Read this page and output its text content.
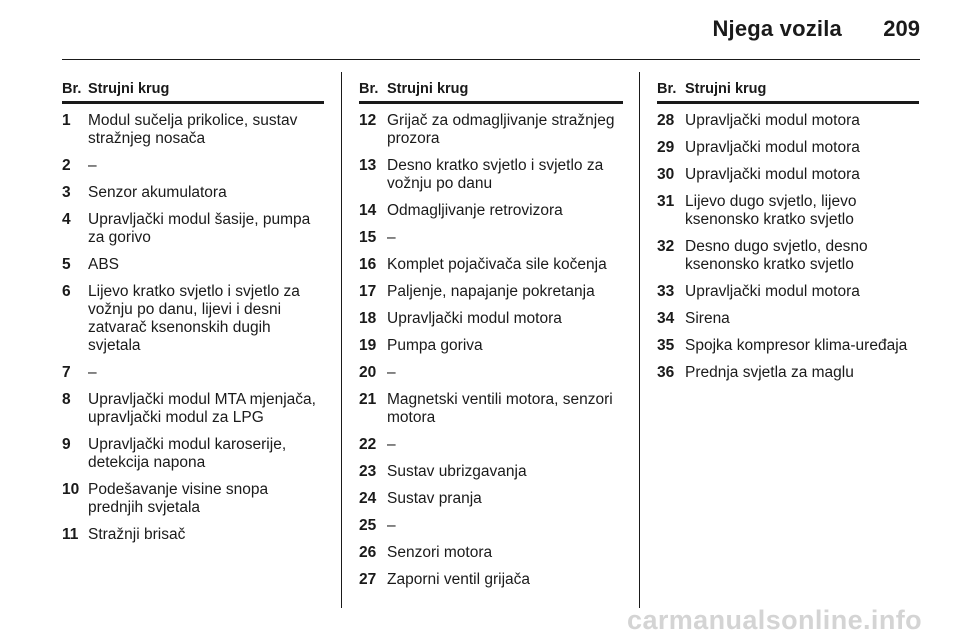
Njega vozila 209
Br. Strujni krug
1	Modul sučelja prikolice, sustav stražnjeg nosača
2	–
3	Senzor akumulatora
4	Upravljački modul šasije, pumpa za gorivo
5	ABS
6	Lijevo kratko svjetlo i svjetlo za vožnju po danu, lijevi i desni zatvarač ksenonskih dugih svjetala
7	–
8	Upravljački modul MTA mjenjača, upravljački modul za LPG
9	Upravljački modul karoserije, detekcija napona
10 Podešavanje visine snopa prednjih svjetala
11 Stražnji brisač
Br. Strujni krug
12 Grijač za odmagljivanje stražnjeg prozora
13 Desno kratko svjetlo i svjetlo za vožnju po danu
14 Odmagljivanje retrovizora
15 –
16 Komplet pojačivača sile kočenja
17 Paljenje, napajanje pokretanja
18 Upravljački modul motora
19 Pumpa goriva
20 –
21 Magnetski ventili motora, senzori motora
22 –
23 Sustav ubrizgavanja
24 Sustav pranja
25 –
26 Senzori motora
27 Zaporni ventil grijača
Br. Strujni krug
28 Upravljački modul motora
29 Upravljački modul motora
30 Upravljački modul motora
31 Lijevo dugo svjetlo, lijevo ksenonsko kratko svjetlo
32 Desno dugo svjetlo, desno ksenonsko kratko svjetlo
33 Upravljački modul motora
34 Sirena
35 Spojka kompresor klima-uređaja
36 Prednja svjetla za maglu
carmanualsonline.info
